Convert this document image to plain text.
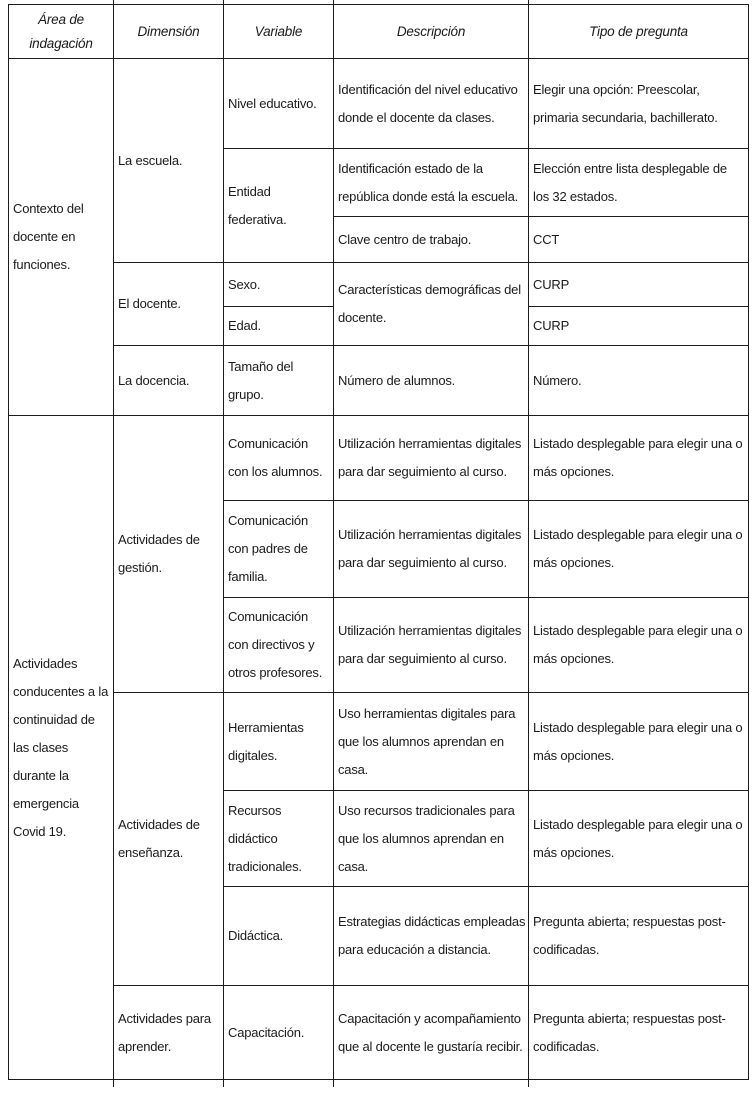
Área de indagación	Dimensión	Variable	Descripción	Tipo de pregunta
Contexto del docente en funciones.	La escuela.	Nivel educativo.	Identificación del nivel educativo donde el docente da clases.	Elegir una opción: Preescolar, primaria secundaria, bachillerato.
		Entidad federativa.	Identificación estado de la república donde está la escuela.	Elección entre lista desplegable de los 32 estados.
			Clave centro de trabajo.	CCT
	El docente.	Sexo.	Características demográficas del docente.	CURP
		Edad.		CURP
	La docencia.	Tamaño del grupo.	Número de alumnos.	Número.
Actividades conducentes a la continuidad de las clases durante la emergencia Covid 19.	Actividades de gestión.	Comunicación con los alumnos.	Utilización herramientas digitales para dar seguimiento al curso.	Listado desplegable para elegir una o más opciones.
		Comunicación con padres de familia.	Utilización herramientas digitales para dar seguimiento al curso.	Listado desplegable para elegir una o más opciones.
		Comunicación con directivos y otros profesores.	Utilización herramientas digitales para dar seguimiento al curso.	Listado desplegable para elegir una o más opciones.
	Actividades de enseñanza.	Herramientas digitales.	Uso herramientas digitales para que los alumnos aprendan en casa.	Listado desplegable para elegir una o más opciones.
		Recursos didáctico tradicionales.	Uso recursos tradicionales para que los alumnos aprendan en casa.	Listado desplegable para elegir una o más opciones.
		Didáctica.	Estrategias didácticas empleadas para educación a distancia.	Pregunta abierta; respuestas post-codificadas.
	Actividades para aprender.	Capacitación.	Capacitación y acompañamiento que al docente le gustaría recibir.	Pregunta abierta; respuestas post-codificadas.
